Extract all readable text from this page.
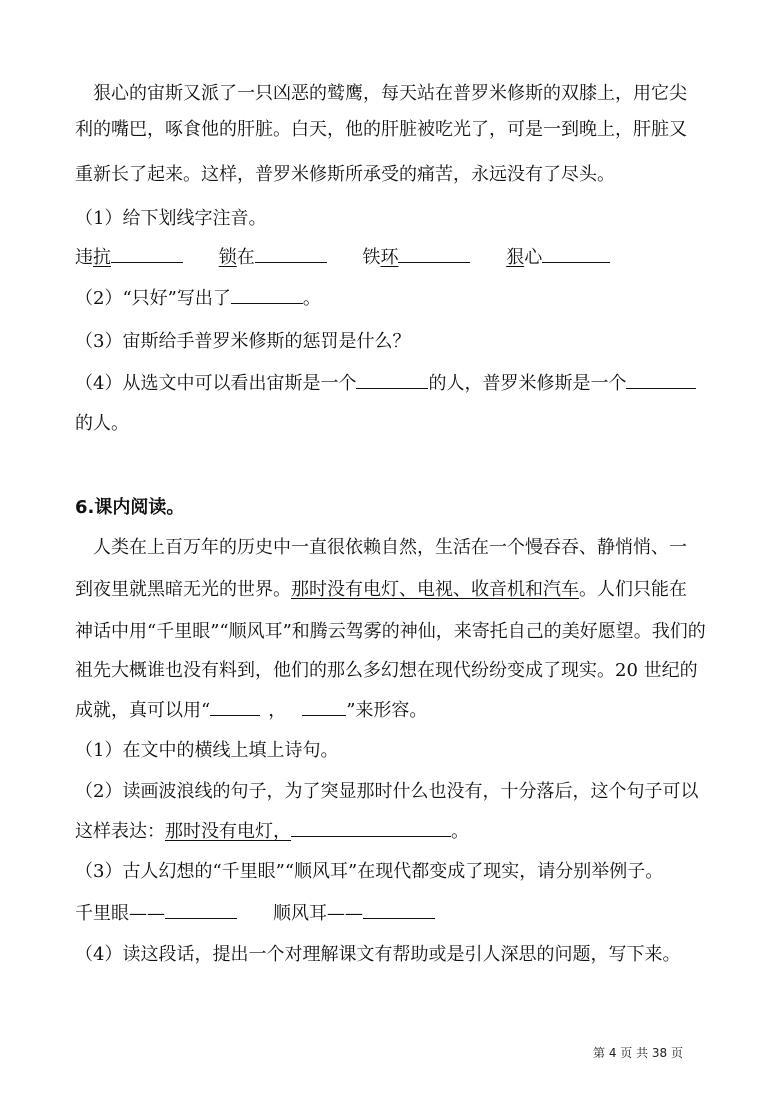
狠心的宙斯又派了一只凶恶的鹫鹰，每天站在普罗米修斯的双膝上，用它尖
利的嘴巴，啄食他的肝脏。白天，他的肝脏被吃光了，可是一到晚上，肝脏又
重新长了起来。这样，普罗米修斯所承受的痛苦，永远没有了尽头。
（1）给下划线字注音。
违抗	锁在	铁环	狠心
（2）“只好”写出了	。
（3）宙斯给手普罗米修斯的惩罚是什么？
（4）从选文中可以看出宙斯是一个	的人，普罗米修斯是一个
的人。
6.课内阅读。
人类在上百万年的历史中一直很依赖自然，生活在一个慢吞吞、静悄悄、一
到夜里就黑暗无光的世界。那时没有电灯、电视、收音机和汽车。人们只能在
神话中用“千里眼”“顺风耳”和腾云驾雾的神仙，来寄托自己的美好愿望。我们的
祖先大概谁也没有料到，他们的那么多幻想在现代纷纷变成了现实。20 世纪的
成就，真可以用“	，	”来形容。
（1）在文中的横线上填上诗句。
（2）读画波浪线的句子，为了突显那时什么也没有，十分落后，这个句子可以
这样表达：那时没有电灯，	。
（3）古人幻想的“千里眼”“顺风耳”在现代都变成了现实，请分别举例子。
千里眼——	顺风耳——
（4）读这段话，提出一个对理解课文有帮助或是引人深思的问题，写下来。
第 4 页 共 38 页
